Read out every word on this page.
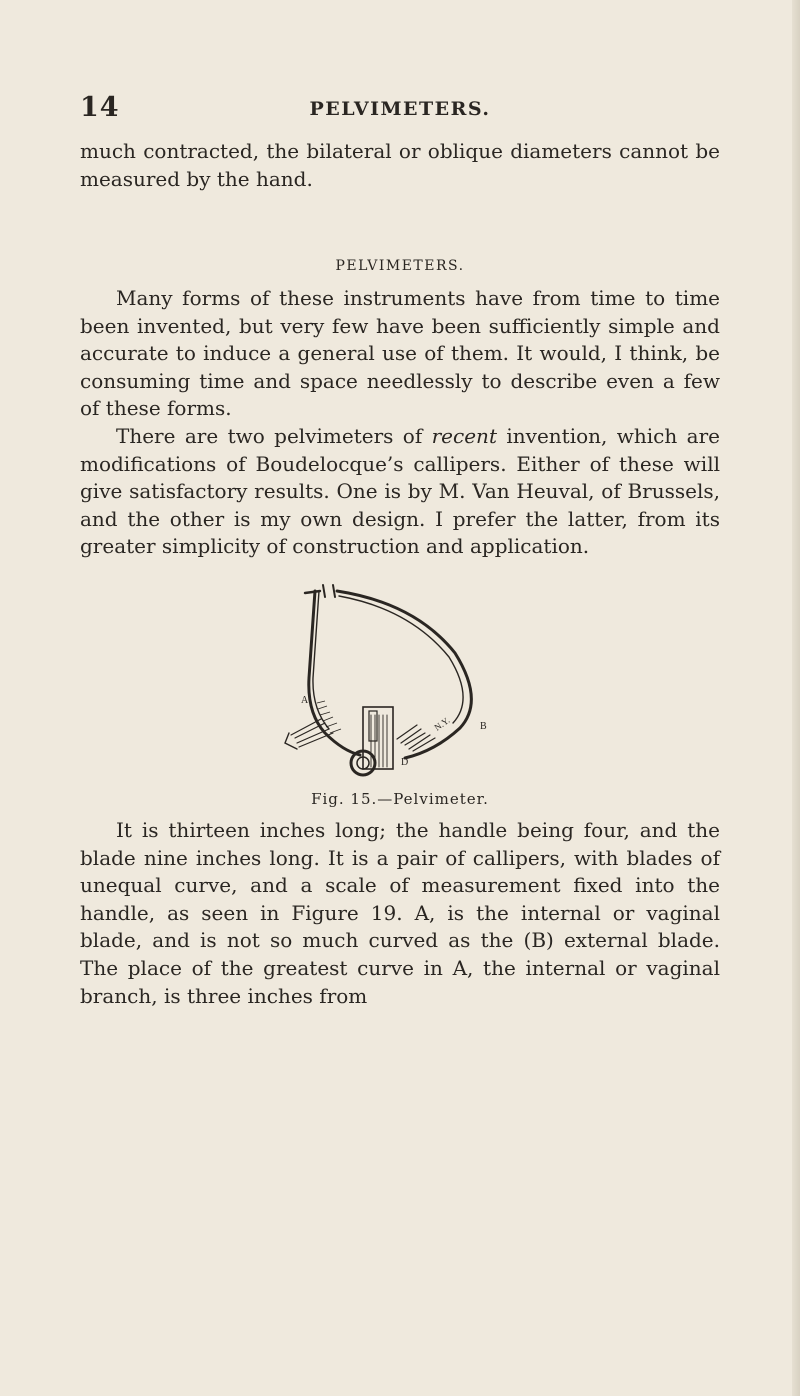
14	PELVIMETERS.

much contracted, the bilateral or oblique diameters cannot be measured by the hand.

PELVIMETERS.

Many forms of these instruments have from time to time been invented, but very few have been sufficiently simple and accurate to induce a general use of them. It would, I think, be consuming time and space needlessly to describe even a few of these forms.

There are two pelvimeters of recent invention, which are modifications of Boudelocque’s callipers. Either of these will give satisfactory results. One is by M. Van Heuval, of Brussels, and the other is my own design. I prefer the latter, from its greater simplicity of construction and application.

A
B
D
N.Y.
Fig. 15.—Pelvimeter.

It is thirteen inches long; the handle being four, and the blade nine inches long. It is a pair of callipers, with blades of unequal curve, and a scale of measurement fixed into the handle, as seen in Figure 19. A, is the internal or vaginal blade, and is not so much curved as the (B) external blade. The place of the greatest curve in A, the internal or vaginal branch, is three inches from
